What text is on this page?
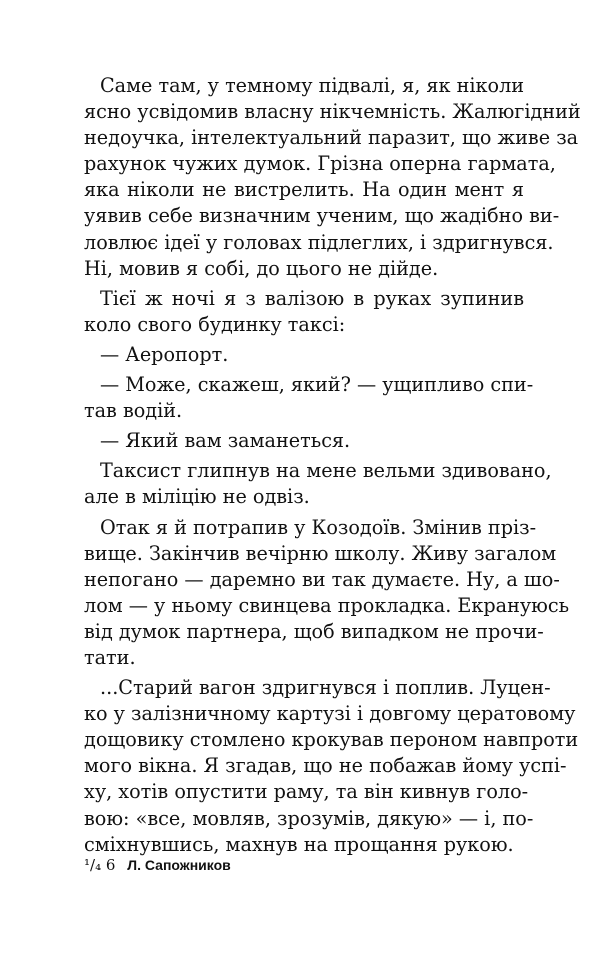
Саме там, у темному підвалі, я, як ніколи
ясно усвідомив власну нікчемність. Жалюгідний
недоучка, інтелектуальний паразит, що живе за
рахунок чужих думок. Грізна оперна гармата,
яка ніколи не вистрелить. На один мент я
уявив себе визначним ученим, що жадібно ви-
ловлює ідеї у головах підлеглих, і здригнувся.
Ні, мовив я собі, до цього не дійде.
Тієї ж ночі я з валізою в руках зупинив
коло свого будинку таксі:
— Аеропорт.
— Може, скажеш, який? — ущипливо спи-
тав водій.
— Який вам заманеться.
Таксист глипнув на мене вельми здивовано,
але в міліцію не одвіз.
Отак я й потрапив у Козодоїв. Змінив пріз-
вище. Закінчив вечірню школу. Живу загалом
непогано — даремно ви так думаєте. Ну, а шо-
лом — у ньому свинцева прокладка. Екрануюсь
від думок партнера, щоб випадком не прочи-
тати.
...Старий вагон здригнувся і поплив. Луцен-
ко у залізничному картузі і довгому цератовому
дощовику стомлено крокував пероном навпроти
мого вікна. Я згадав, що не побажав йому успі-
ху, хотів опустити раму, та він кивнув голо-
вою: «все, мовляв, зрозумів, дякую» — і, по-
сміхнувшись, махнув на прощання рукою.
¹/₄ 6 Л. Сапожников
